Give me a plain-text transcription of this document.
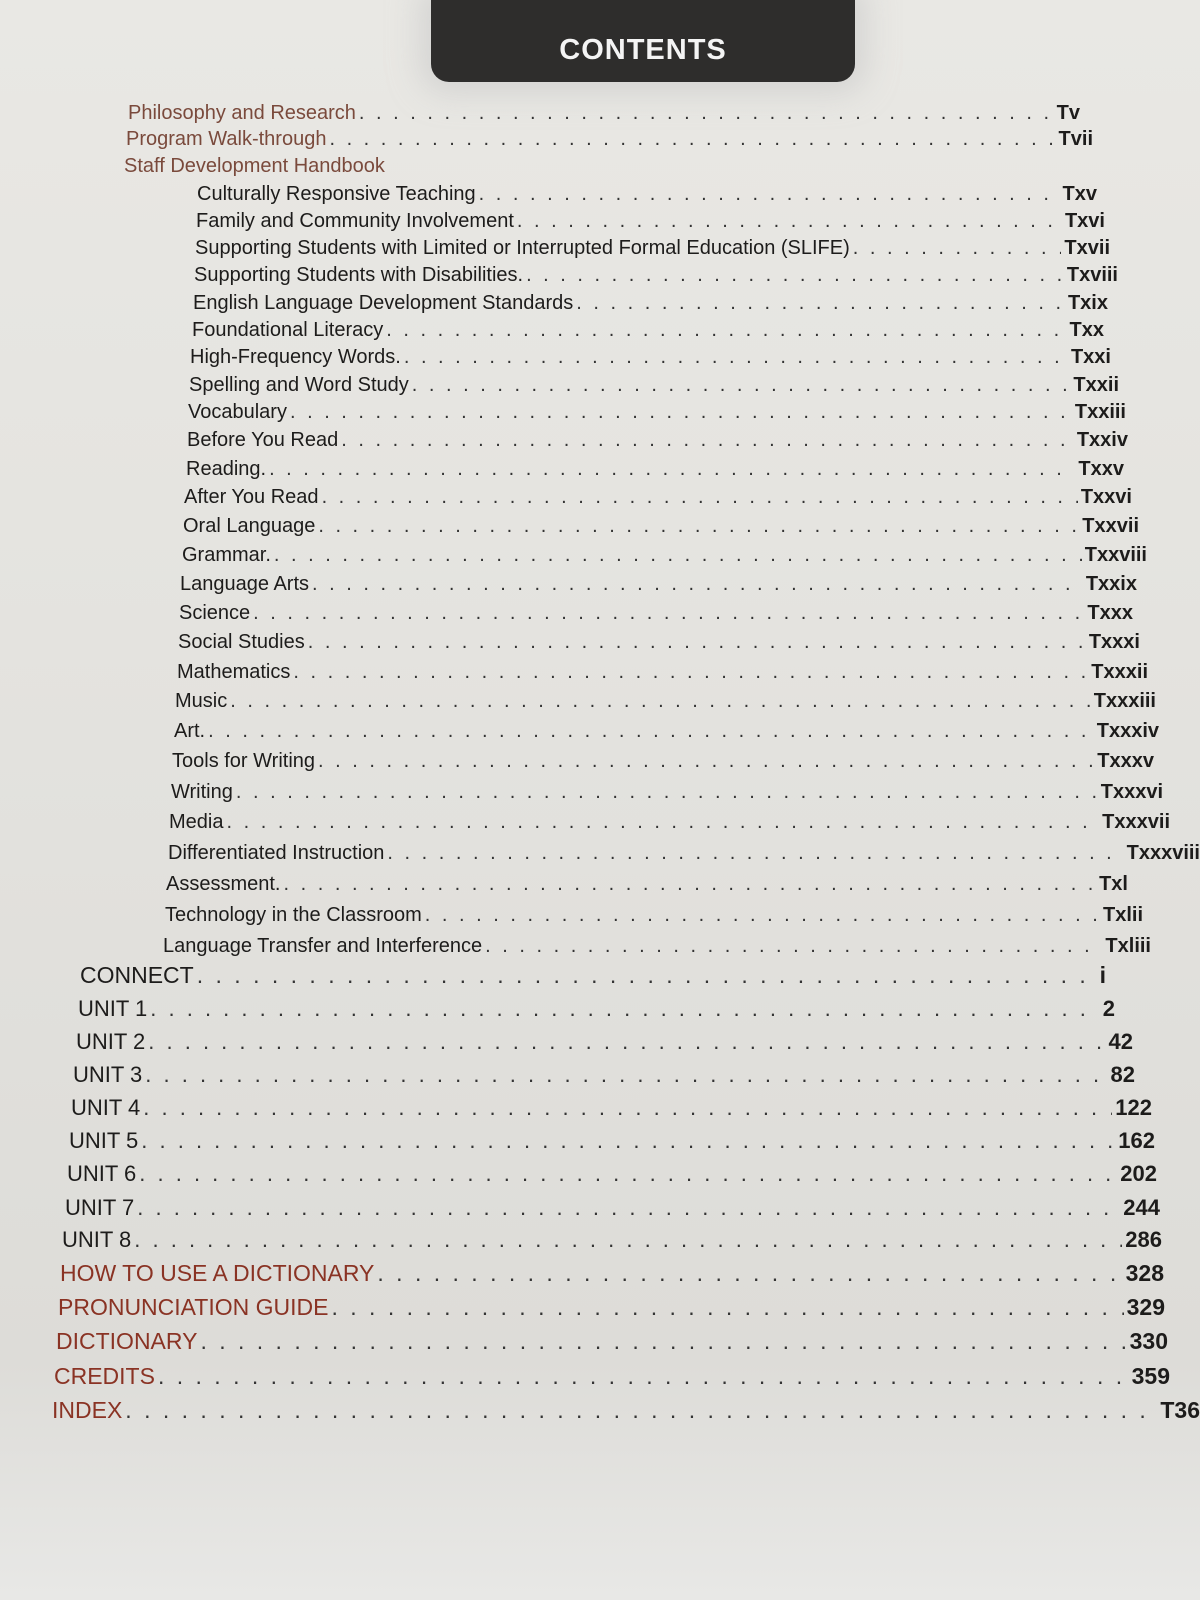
CONTENTS
Philosophy and Research . . .	Tv
Program Walk-through . . .	Tvii
Staff Development Handbook
Culturally Responsive Teaching . . .	Txv
Family and Community Involvement . . .	Txvi
Supporting Students with Limited or Interrupted Formal Education (SLIFE) . . .	Txvii
Supporting Students with Disabilities. . . .	Txviii
English Language Development Standards . . .	Txix
Foundational Literacy . . .	Txx
High-Frequency Words. . . .	Txxi
Spelling and Word Study . . .	Txxii
Vocabulary . . .	Txxiii
Before You Read . . .	Txxiv
Reading. . . .	Txxv
After You Read . . .	Txxvi
Oral Language . . .	Txxvii
Grammar. . . .	Txxviii
Language Arts . . .	Txxix
Science . . .	Txxx
Social Studies . . .	Txxxi
Mathematics . . .	Txxxii
Music . . .	Txxxiii
Art. . . .	Txxxiv
Tools for Writing . . .	Txxxv
Writing . . .	Txxxvi
Media . . .	Txxxvii
Differentiated Instruction . . .	Txxxviii
Assessment. . . .	Txl
Technology in the Classroom . . .	Txlii
Language Transfer and Interference . . .	Txliii
CONNECT . . .	i
UNIT 1 . . .	2
UNIT 2 . . .	42
UNIT 3 . . .	82
UNIT 4 . . .	122
UNIT 5 . . .	162
UNIT 6 . . .	202
UNIT 7 . . .	244
UNIT 8 . . .	286
HOW TO USE A DICTIONARY . . .	328
PRONUNCIATION GUIDE . . .	329
DICTIONARY . . .	330
CREDITS . . .	359
INDEX . . .	T36
